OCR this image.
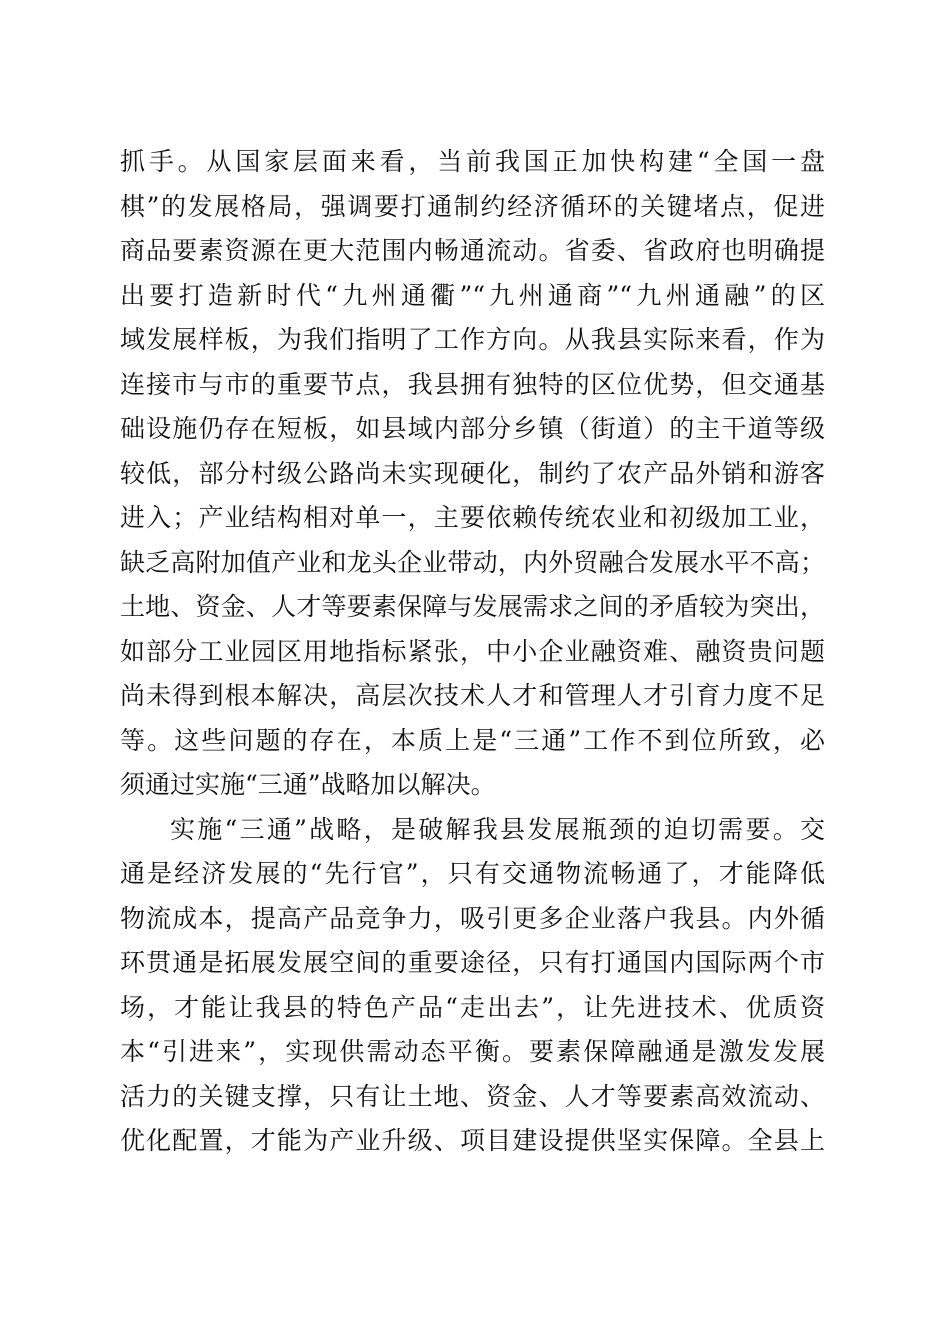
抓手。从国家层面来看，当前我国正加快构建“全国一盘
棋”的发展格局，强调要打通制约经济循环的关键堵点，促进
商品要素资源在更大范围内畅通流动。省委、省政府也明确提
出要打造新时代“九州通衢”“九州通商”“九州通融”的区
域发展样板，为我们指明了工作方向。从我县实际来看，作为
连接市与市的重要节点，我县拥有独特的区位优势，但交通基
础设施仍存在短板，如县域内部分乡镇（街道）的主干道等级
较低，部分村级公路尚未实现硬化，制约了农产品外销和游客
进入；产业结构相对单一，主要依赖传统农业和初级加工业，
缺乏高附加值产业和龙头企业带动，内外贸融合发展水平不高；
土地、资金、人才等要素保障与发展需求之间的矛盾较为突出，
如部分工业园区用地指标紧张，中小企业融资难、融资贵问题
尚未得到根本解决，高层次技术人才和管理人才引育力度不足
等。这些问题的存在，本质上是“三通”工作不到位所致，必
须通过实施“三通”战略加以解决。
实施“三通”战略，是破解我县发展瓶颈的迫切需要。交
通是经济发展的“先行官”，只有交通物流畅通了，才能降低
物流成本，提高产品竞争力，吸引更多企业落户我县。内外循
环贯通是拓展发展空间的重要途径，只有打通国内国际两个市
场，才能让我县的特色产品“走出去”，让先进技术、优质资
本“引进来”，实现供需动态平衡。要素保障融通是激发发展
活力的关键支撑，只有让土地、资金、人才等要素高效流动、
优化配置，才能为产业升级、项目建设提供坚实保障。全县上
